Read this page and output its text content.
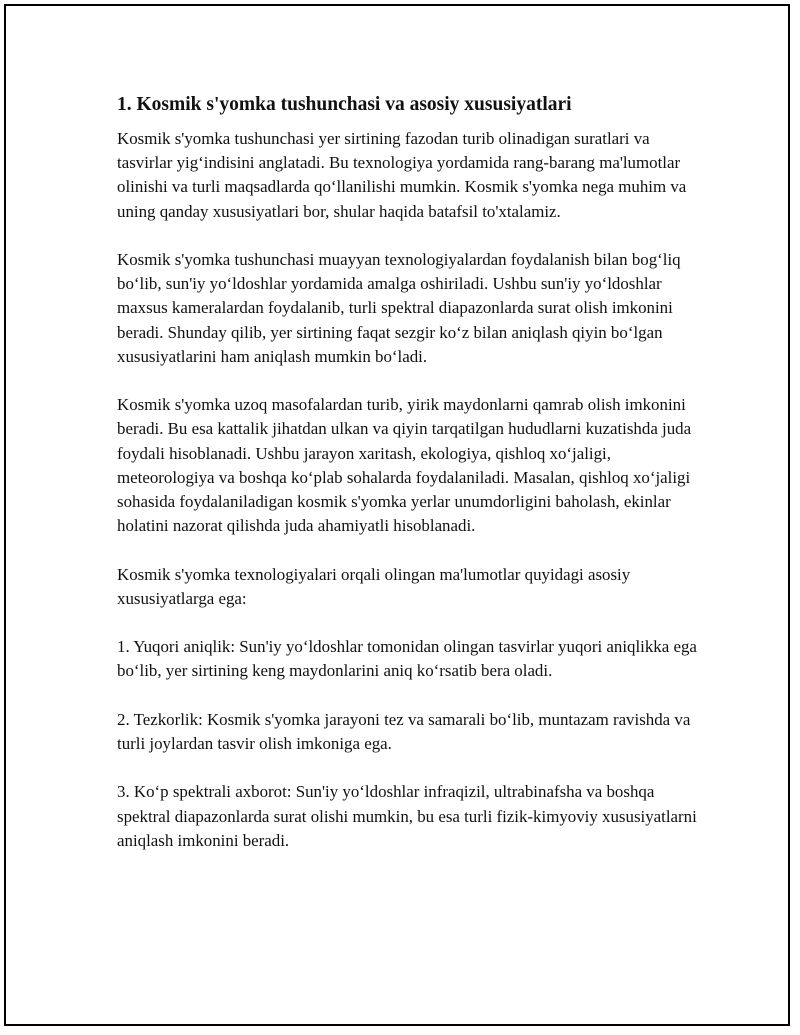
1. Kosmik s'yomka tushunchasi va asosiy xususiyatlari

Kosmik s'yomka tushunchasi yer sirtining fazodan turib olinadigan suratlari va tasvirlar yig‘indisini anglatadi. Bu texnologiya yordamida rang-barang ma'lumotlar olinishi va turli maqsadlarda qo‘llanilishi mumkin. Kosmik s'yomka nega muhim va uning qanday xususiyatlari bor, shular haqida batafsil to'xtalamiz.

Kosmik s'yomka tushunchasi muayyan texnologiyalardan foydalanish bilan bog‘liq bo‘lib, sun'iy yo‘ldoshlar yordamida amalga oshiriladi. Ushbu sun'iy yo‘ldoshlar maxsus kameralardan foydalanib, turli spektral diapazonlarda surat olish imkonini beradi. Shunday qilib, yer sirtining faqat sezgir ko‘z bilan aniqlash qiyin bo‘lgan xususiyatlarini ham aniqlash mumkin bo‘ladi.

Kosmik s'yomka uzoq masofalardan turib, yirik maydonlarni qamrab olish imkonini beradi. Bu esa kattalik jihatdan ulkan va qiyin tarqatilgan hududlarni kuzatishda juda foydali hisoblanadi. Ushbu jarayon xaritash, ekologiya, qishloq xo‘jaligi, meteorologiya va boshqa ko‘plab sohalarda foydalaniladi. Masalan, qishloq xo‘jaligi sohasida foydalaniladigan kosmik s'yomka yerlar unumdorligini baholash, ekinlar holatini nazorat qilishda juda ahamiyatli hisoblanadi.

Kosmik s'yomka texnologiyalari orqali olingan ma'lumotlar quyidagi asosiy xususiyatlarga ega:

1. Yuqori aniqlik: Sun'iy yo‘ldoshlar tomonidan olingan tasvirlar yuqori aniqlikka ega bo‘lib, yer sirtining keng maydonlarini aniq ko‘rsatib bera oladi.

2. Tezkorlik: Kosmik s'yomka jarayoni tez va samarali bo‘lib, muntazam ravishda va turli joylardan tasvir olish imkoniga ega.

3. Ko‘p spektrali axborot: Sun'iy yo‘ldoshlar infraqizil, ultrabinafsha va boshqa spektral diapazonlarda surat olishi mumkin, bu esa turli fizik-kimyoviy xususiyatlarni aniqlash imkonini beradi.
